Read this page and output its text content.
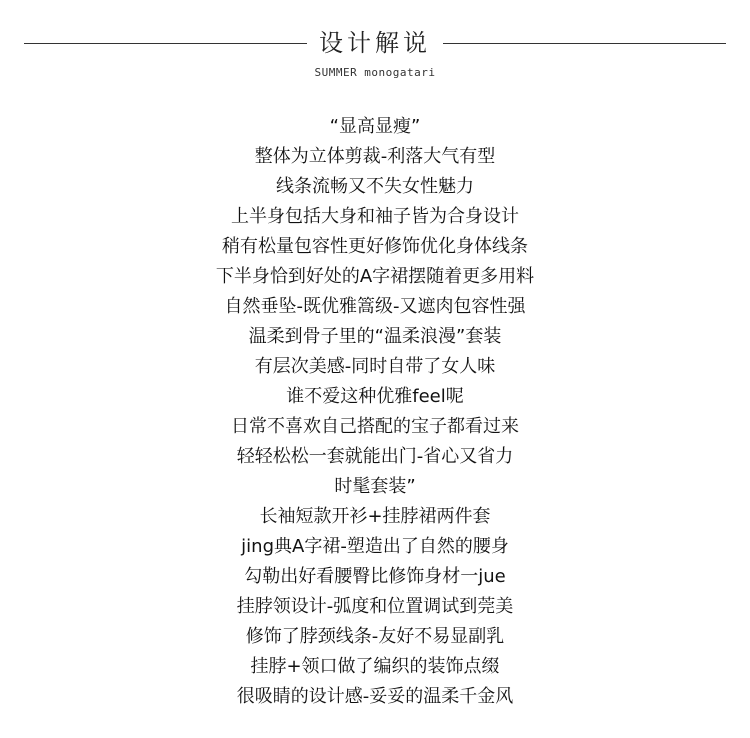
设计解说
SUMMER monogatari
“显高显瘦”
整体为立体剪裁-利落大气有型
线条流畅又不失女性魅力
上半身包括大身和袖子皆为合身设计
稍有松量包容性更好修饰优化身体线条
下半身恰到好处的A字裙摆随着更多用料
自然垂坠-既优雅篙级-又遮肉包容性强
温柔到骨子里的“温柔浪漫”套装
有层次美感-同时自带了女人味
谁不爱这种优雅feel呢
日常不喜欢自己搭配的宝子都看过来
轻轻松松一套就能出门-省心又省力
时髦套装”
长袖短款开衫+挂脖裙两件套
jing典A字裙-塑造出了自然的腰身
勾勒出好看腰臀比修饰身材一jue
挂脖领设计-弧度和位置调试到莞美
修饰了脖颈线条-友好不易显副乳
挂脖+领口做了编织的装饰点缀
很吸睛的设计感-妥妥的温柔千金风
